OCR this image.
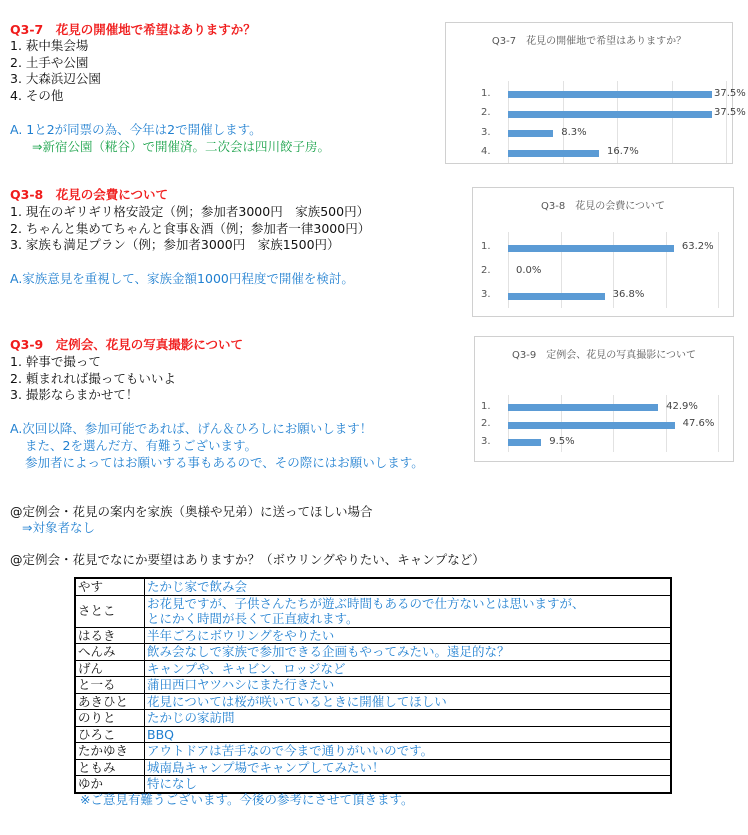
Q3-7　花見の開催地で希望はありますか？
1. 萩中集会場
2. 土手や公園
3. 大森浜辺公園
4. その他
A. 1と2が同票の為、今年は2で開催します。
⇒新宿公園（糀谷）で開催済。二次会は四川餃子房。
Q3-8　花見の会費について
1. 現在のギリギリ格安設定（例；参加者3000円　家族500円）
2. ちゃんと集めてちゃんと食事＆酒（例；参加者一律3000円）
3. 家族も満足プラン（例；参加者3000円　家族1500円）
A.家族意見を重視して、家族金額1000円程度で開催を検討。
Q3-9　定例会、花見の写真撮影について
1. 幹事で撮って
2. 頼まれれば撮ってもいいよ
3. 撮影ならまかせて！
A.次回以降、参加可能であれば、げん＆ひろしにお願いします！
また、2を選んだ方、有難うございます。
参加者によってはお願いする事もあるので、その際にはお願いします。
@定例会・花見の案内を家族（奥様や兄弟）に送ってほしい場合
⇒対象者なし
@定例会・花見でなにか要望はありますか？（ボウリングやりたい、キャンプなど）
やす	たかじ家で飲み会
さとこ	お花見ですが、子供さんたちが遊ぶ時間もあるので仕方ないとは思いますが、
とにかく時間が長くて正直疲れます。
はるき	半年ごろにボウリングをやりたい
へんみ	飲み会なしで家族で参加できる企画もやってみたい。遠足的な？
げん	キャンプや、キャビン、ロッジなど
と一る	蒲田西口ヤツハシにまた行きたい
あきひと	花見については桜が咲いているときに開催してほしい
のりと	たかじの家訪問
ひろこ	BBQ
たかゆき	アウトドアは苦手なので今まで通りがいいのです。
ともみ	城南島キャンプ場でキャンプしてみたい！
ゆか	特になし
※ご意見有難うございます。今後の参考にさせて頂きます。
Q3-7　花見の開催地で希望はありますか？
1.	37.5%
2.	37.5%
3.	8.3%
4.	16.7%
Q3-8　花見の会費について
1.	63.2%
2.	0.0%
3.	36.8%
Q3-9　定例会、花見の写真撮影について
1.	42.9%
2.	47.6%
3.	9.5%
